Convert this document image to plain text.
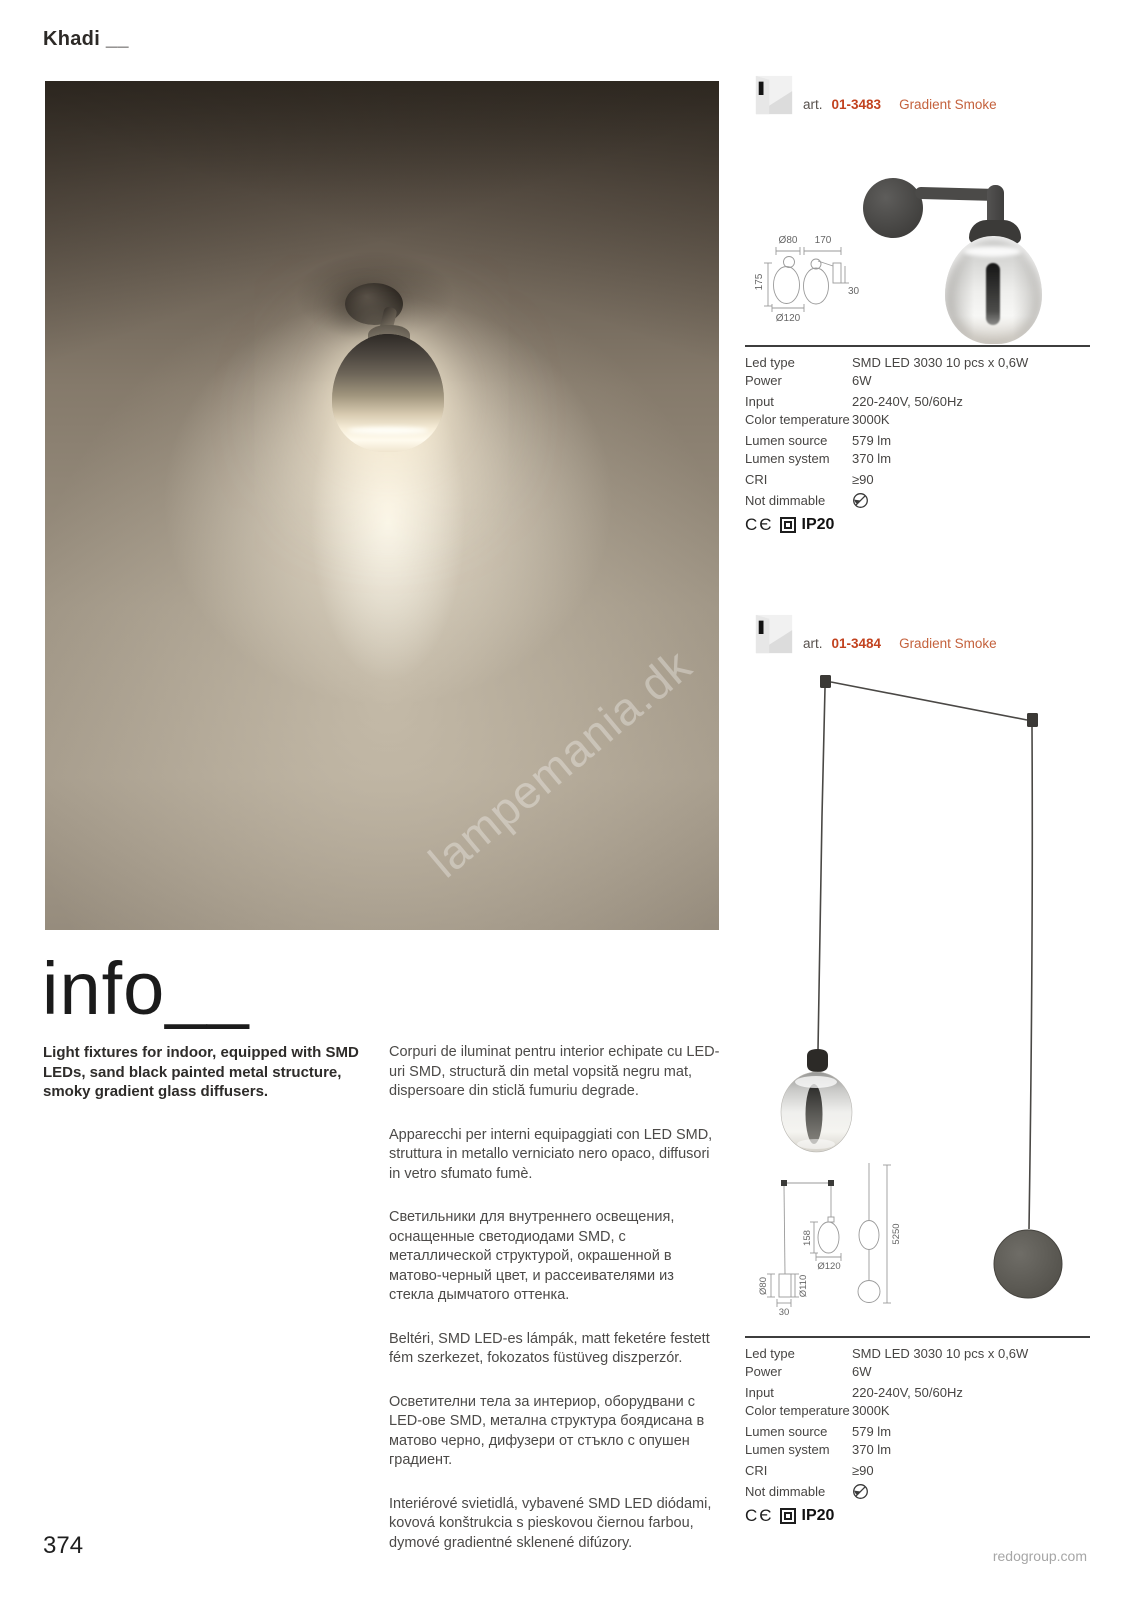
Khadi __
lampemania.dk
art. 01-3483 Gradient Smoke
Ø80 170
175
Ø120
30
Led type	SMD LED 3030 10 pcs x 0,6W
Power	6W
Input	220-240V, 50/60Hz
Color temperature 3000K
Lumen source	579 lm
Lumen system	370 lm
CRI	≥90
Not dimmable
CЄ IP20
art. 01-3484 Gradient Smoke
Ø80	Ø110
30
158
Ø120
5250
Led type	SMD LED 3030 10 pcs x 0,6W
Power	6W
Input	220-240V, 50/60Hz
Color temperature 3000K
Lumen source	579 lm
Lumen system	370 lm
CRI	≥90
Not dimmable
CЄ IP20
info__
Light fixtures for indoor, equipped with SMD LEDs, sand black painted metal structure, smoky gradient glass diffusers.

Corpuri de iluminat pentru interior echipate cu LED-uri SMD, structură din metal vopsită negru mat, dispersoare din sticlă fumuriu degrade.

Apparecchi per interni equipaggiati con LED SMD, struttura in metallo verniciato nero opaco, diffusori in vetro sfumato fumè.

Светильники для внутреннего освещения, оснащенные светодиодами SMD, с металлической структурой, окрашенной в матово-черный цвет, и рассеивателями из стекла дымчатого оттенка.

Beltéri, SMD LED-es lámpák, matt feketére festett fém szerkezet, fokozatos füstüveg diszperzór.

Осветителни тела за интериор, оборудвани с LED-ове SMD, метална структура боядисана в матово черно, дифузери от стъкло с опушен градиент.

Interiérové svietidlá, vybavené SMD LED diódami, kovová konštrukcia s pieskovou čiernou farbou, dymové gradientné sklenené difúzory.

374	redogroup.com
